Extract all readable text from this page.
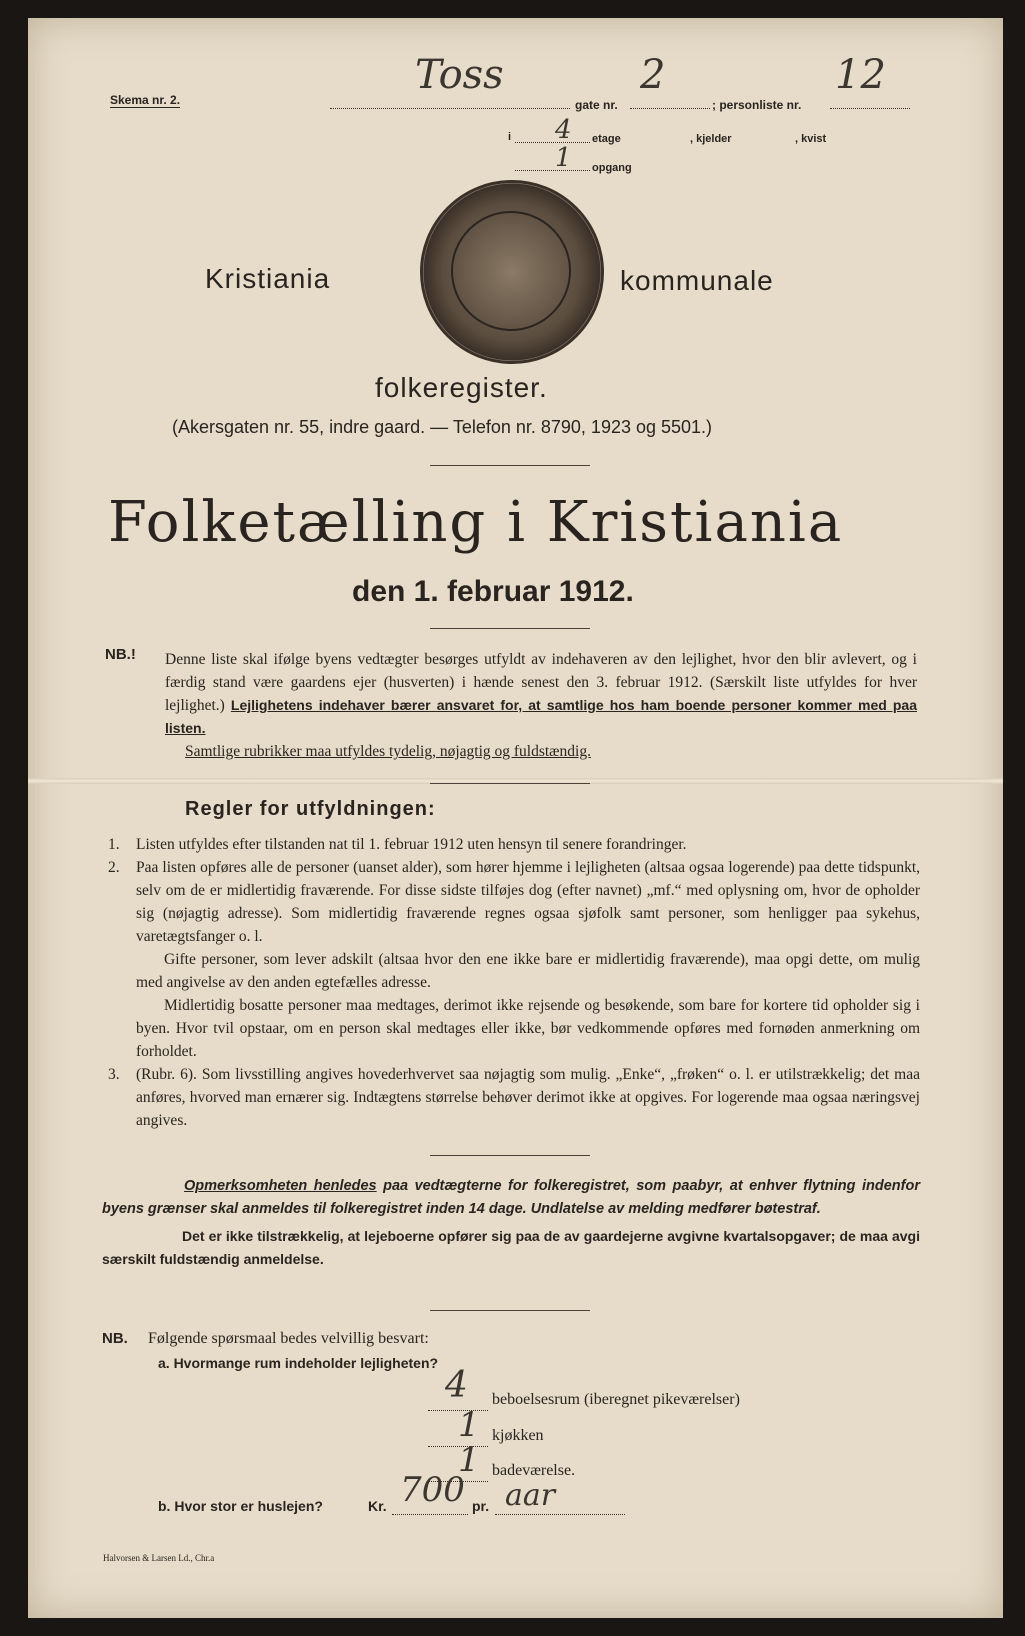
Skema nr. 2.
Toss
gate nr.
2
; personliste nr.
12
i 4 etage	, kjelder	, kvist
1 opgang
Kristiania	kommunale
folkeregister.
(Akersgaten nr. 55, indre gaard. — Telefon nr. 8790, 1923 og 5501.)
Folketælling i Kristiania
den 1. februar 1912.
NB.! Denne liste skal ifølge byens vedtægter besørges utfyldt av indehaveren av den lejlighet, hvor den blir avlevert, og i færdig stand være gaardens ejer (husverten) i hænde senest den 3. februar 1912. (Særskilt liste utfyldes for hver lejlighet.) Lejlighetens indehaver bærer ansvaret for, at samtlige hos ham boende personer kommer med paa listen.

Samtlige rubrikker maa utfyldes tydelig, nøjagtig og fuldstændig.

Regler for utfyldningen:
1.	Listen utfyldes efter tilstanden nat til 1. februar 1912 uten hensyn til senere forandringer.

2.	Paa listen opføres alle de personer (uanset alder), som hører hjemme i lejligheten (altsaa ogsaa logerende) paa dette tidspunkt, selv om de er midlertidig fraværende. For disse sidste tilføjes dog (efter navnet) „mf.“ med oplysning om, hvor de opholder sig (nøjagtig adresse). Som midlertidig fraværende regnes ogsaa sjøfolk samt personer, som henligger paa sykehus, varetægtsfanger o. l.

Gifte personer, som lever adskilt (altsaa hvor den ene ikke bare er midlertidig fraværende), maa opgi dette, om mulig med angivelse av den anden egtefælles adresse.

Midlertidig bosatte personer maa medtages, derimot ikke rejsende og besøkende, som bare for kortere tid opholder sig i byen. Hvor tvil opstaar, om en person skal medtages eller ikke, bør vedkommende opføres med fornøden anmerkning om forholdet.

3.	(Rubr. 6). Som livsstilling angives hovederhvervet saa nøjagtig som mulig. „Enke“, „frøken“ o. l. er utilstrækkelig; det maa anføres, hvorved man ernærer sig. Indtægtens størrelse behøver derimot ikke at opgives. For logerende maa ogsaa næringsvej angives.

Opmerksomheten henledes paa vedtægterne for folkeregistret, som paabyr, at enhver flytning indenfor byens grænser skal anmeldes til folkeregistret inden 14 dage. Undlatelse av melding medfører bøtestraf.

Det er ikke tilstrækkelig, at lejeboerne opfører sig paa de av gaardejerne avgivne kvartalsopgaver; de maa avgi særskilt fuldstændig anmeldelse.

NB. Følgende spørsmaal bedes velvillig besvart:
a. Hvormange rum indeholder lejligheten?
4 beboelsesrum (iberegnet pikeværelser)
1 kjøkken
1 badeværelse.
b. Hvor stor er huslejen?	Kr. 700 pr. aar
Halvorsen & Larsen Ld., Chr.a
